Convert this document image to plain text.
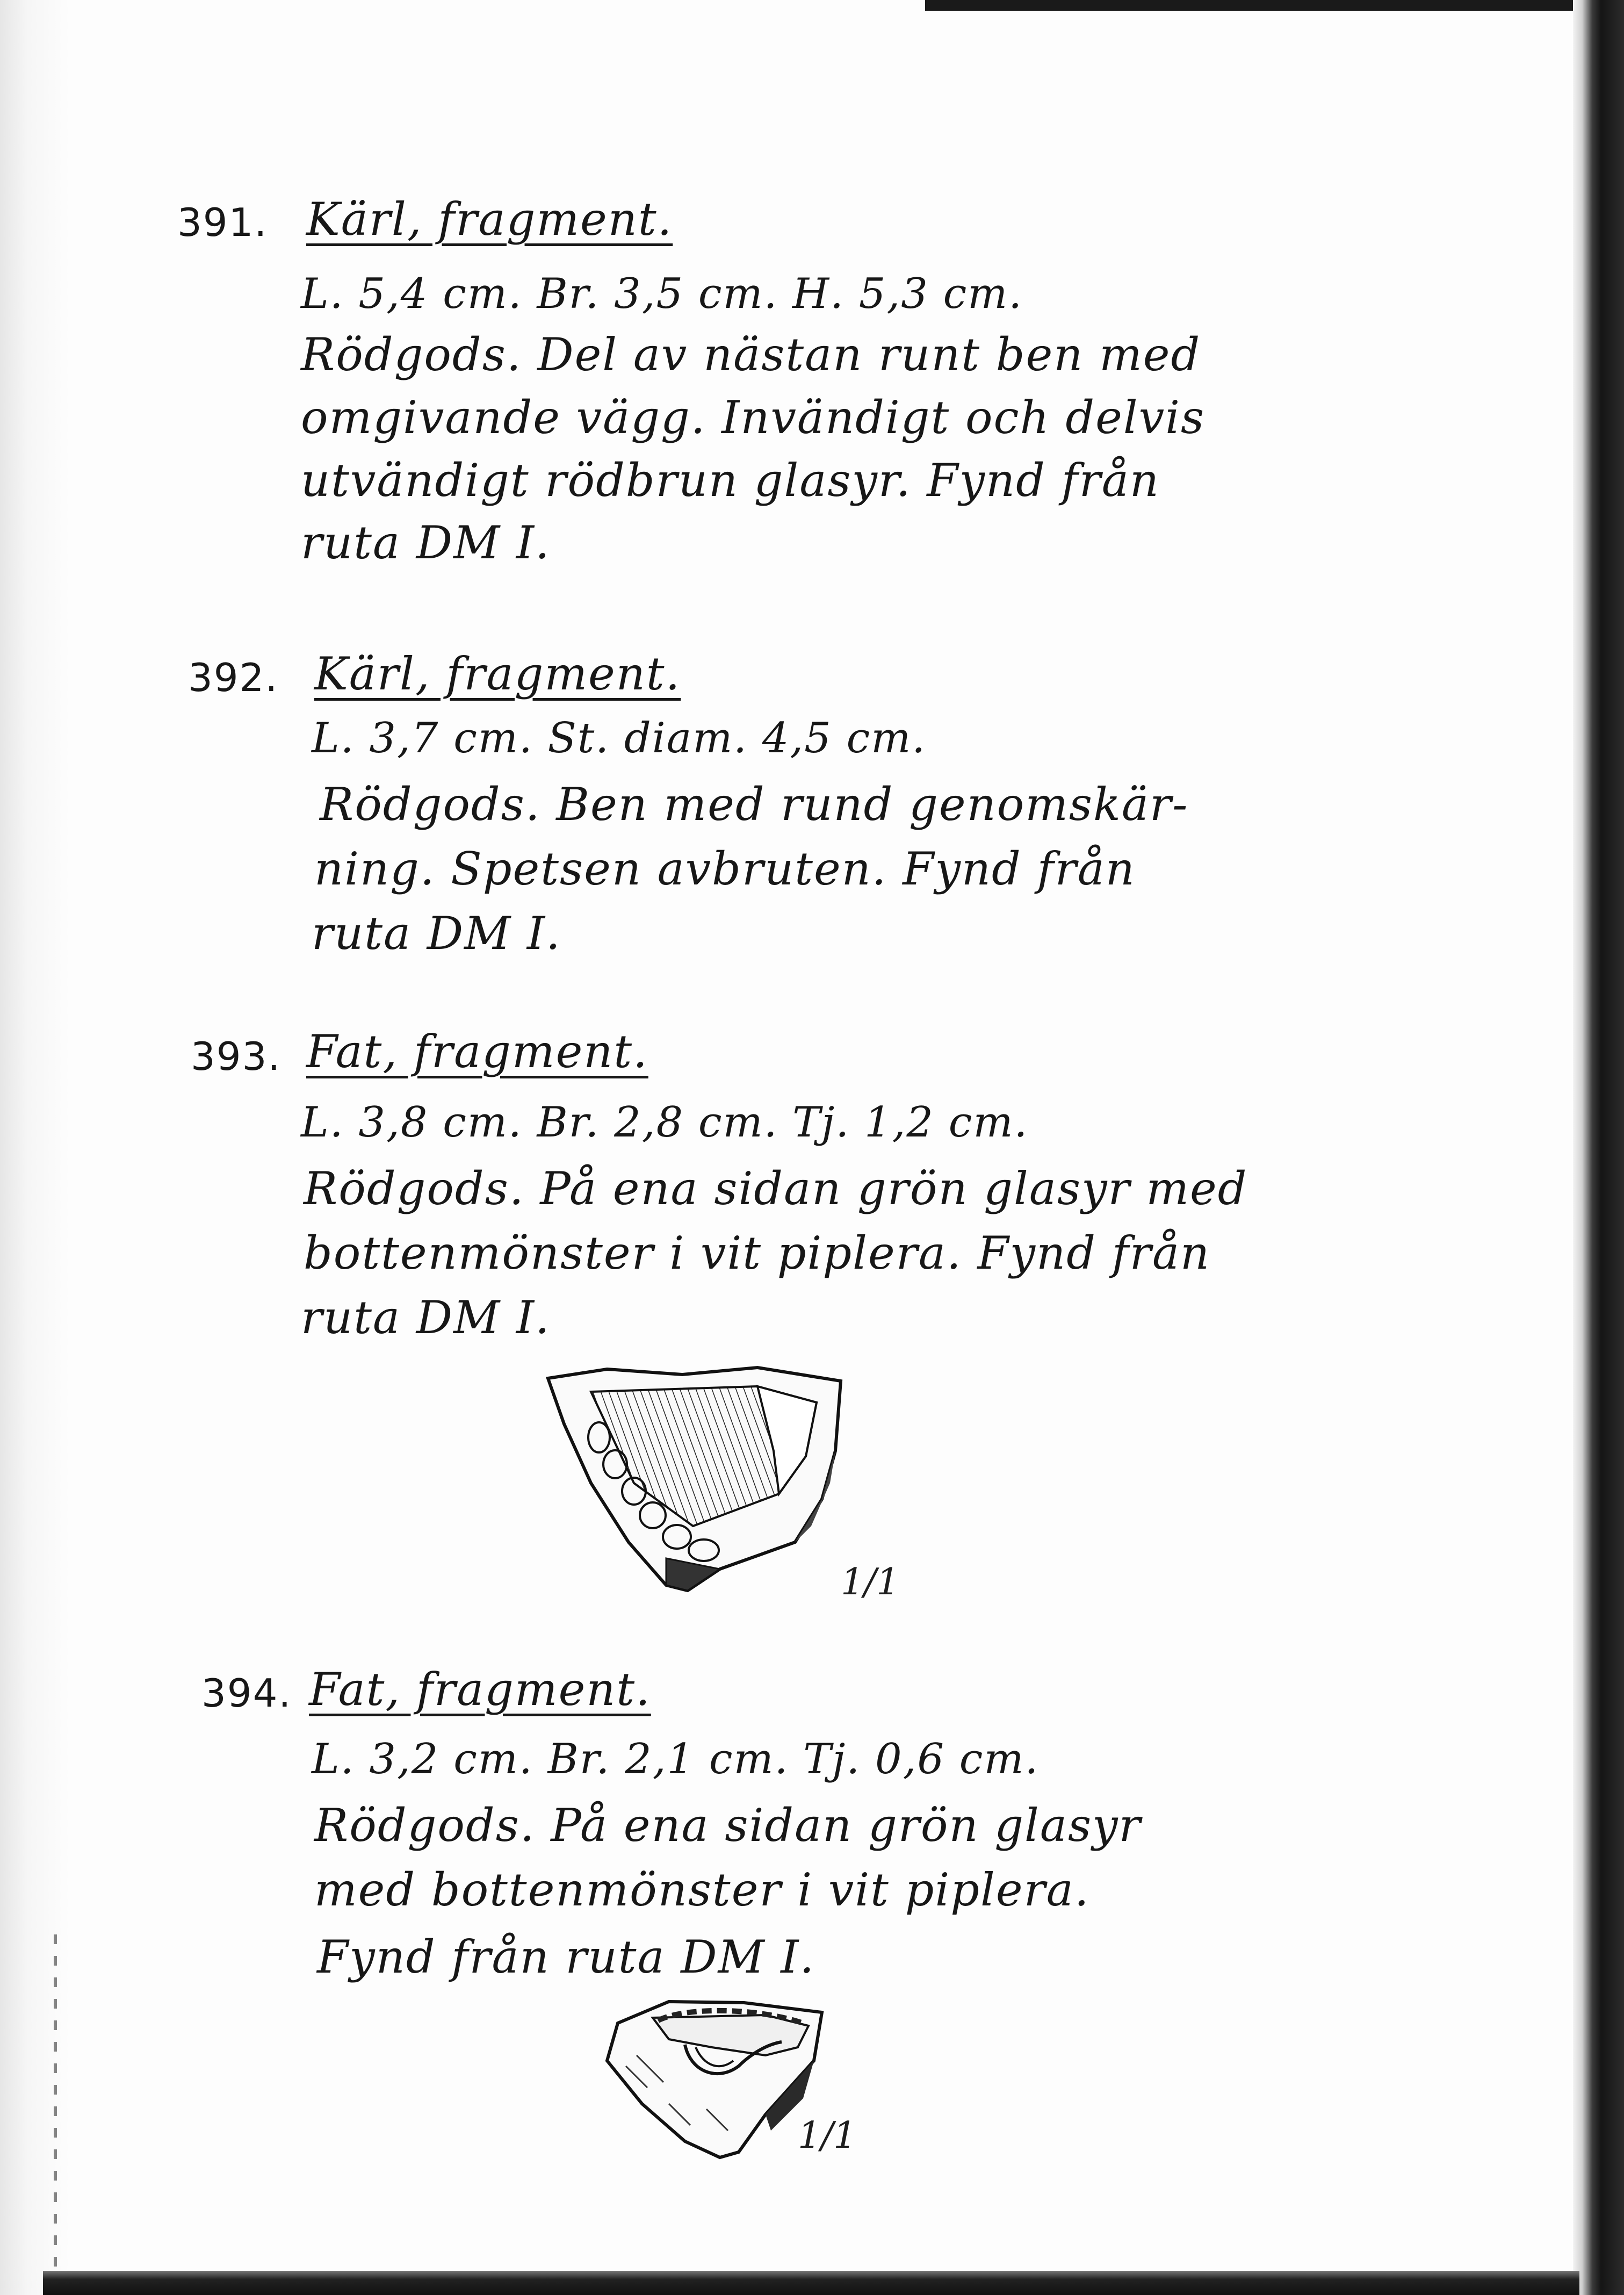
391. Kärl, fragment.
L. 5,4 cm. Br. 3,5 cm. H. 5,3 cm.
Rödgods. Del av nästan runt ben med
omgivande vägg. Invändigt och delvis
utvändigt rödbrun glasyr. Fynd från
ruta DM I.
392. Kärl, fragment.
L. 3,7 cm. St. diam. 4,5 cm.
Rödgods. Ben med rund genomskär-
ning. Spetsen avbruten. Fynd från
ruta DM I.
393. Fat, fragment.
L. 3,8 cm. Br. 2,8 cm. Tj. 1,2 cm.
Rödgods. På ena sidan grön glasyr med
bottenmönster i vit piplera. Fynd från
ruta DM I.
1/1
394. Fat, fragment.
L. 3,2 cm. Br. 2,1 cm. Tj. 0,6 cm.
Rödgods. På ena sidan grön glasyr
med bottenmönster i vit piplera.
Fynd från ruta DM I.
1/1
